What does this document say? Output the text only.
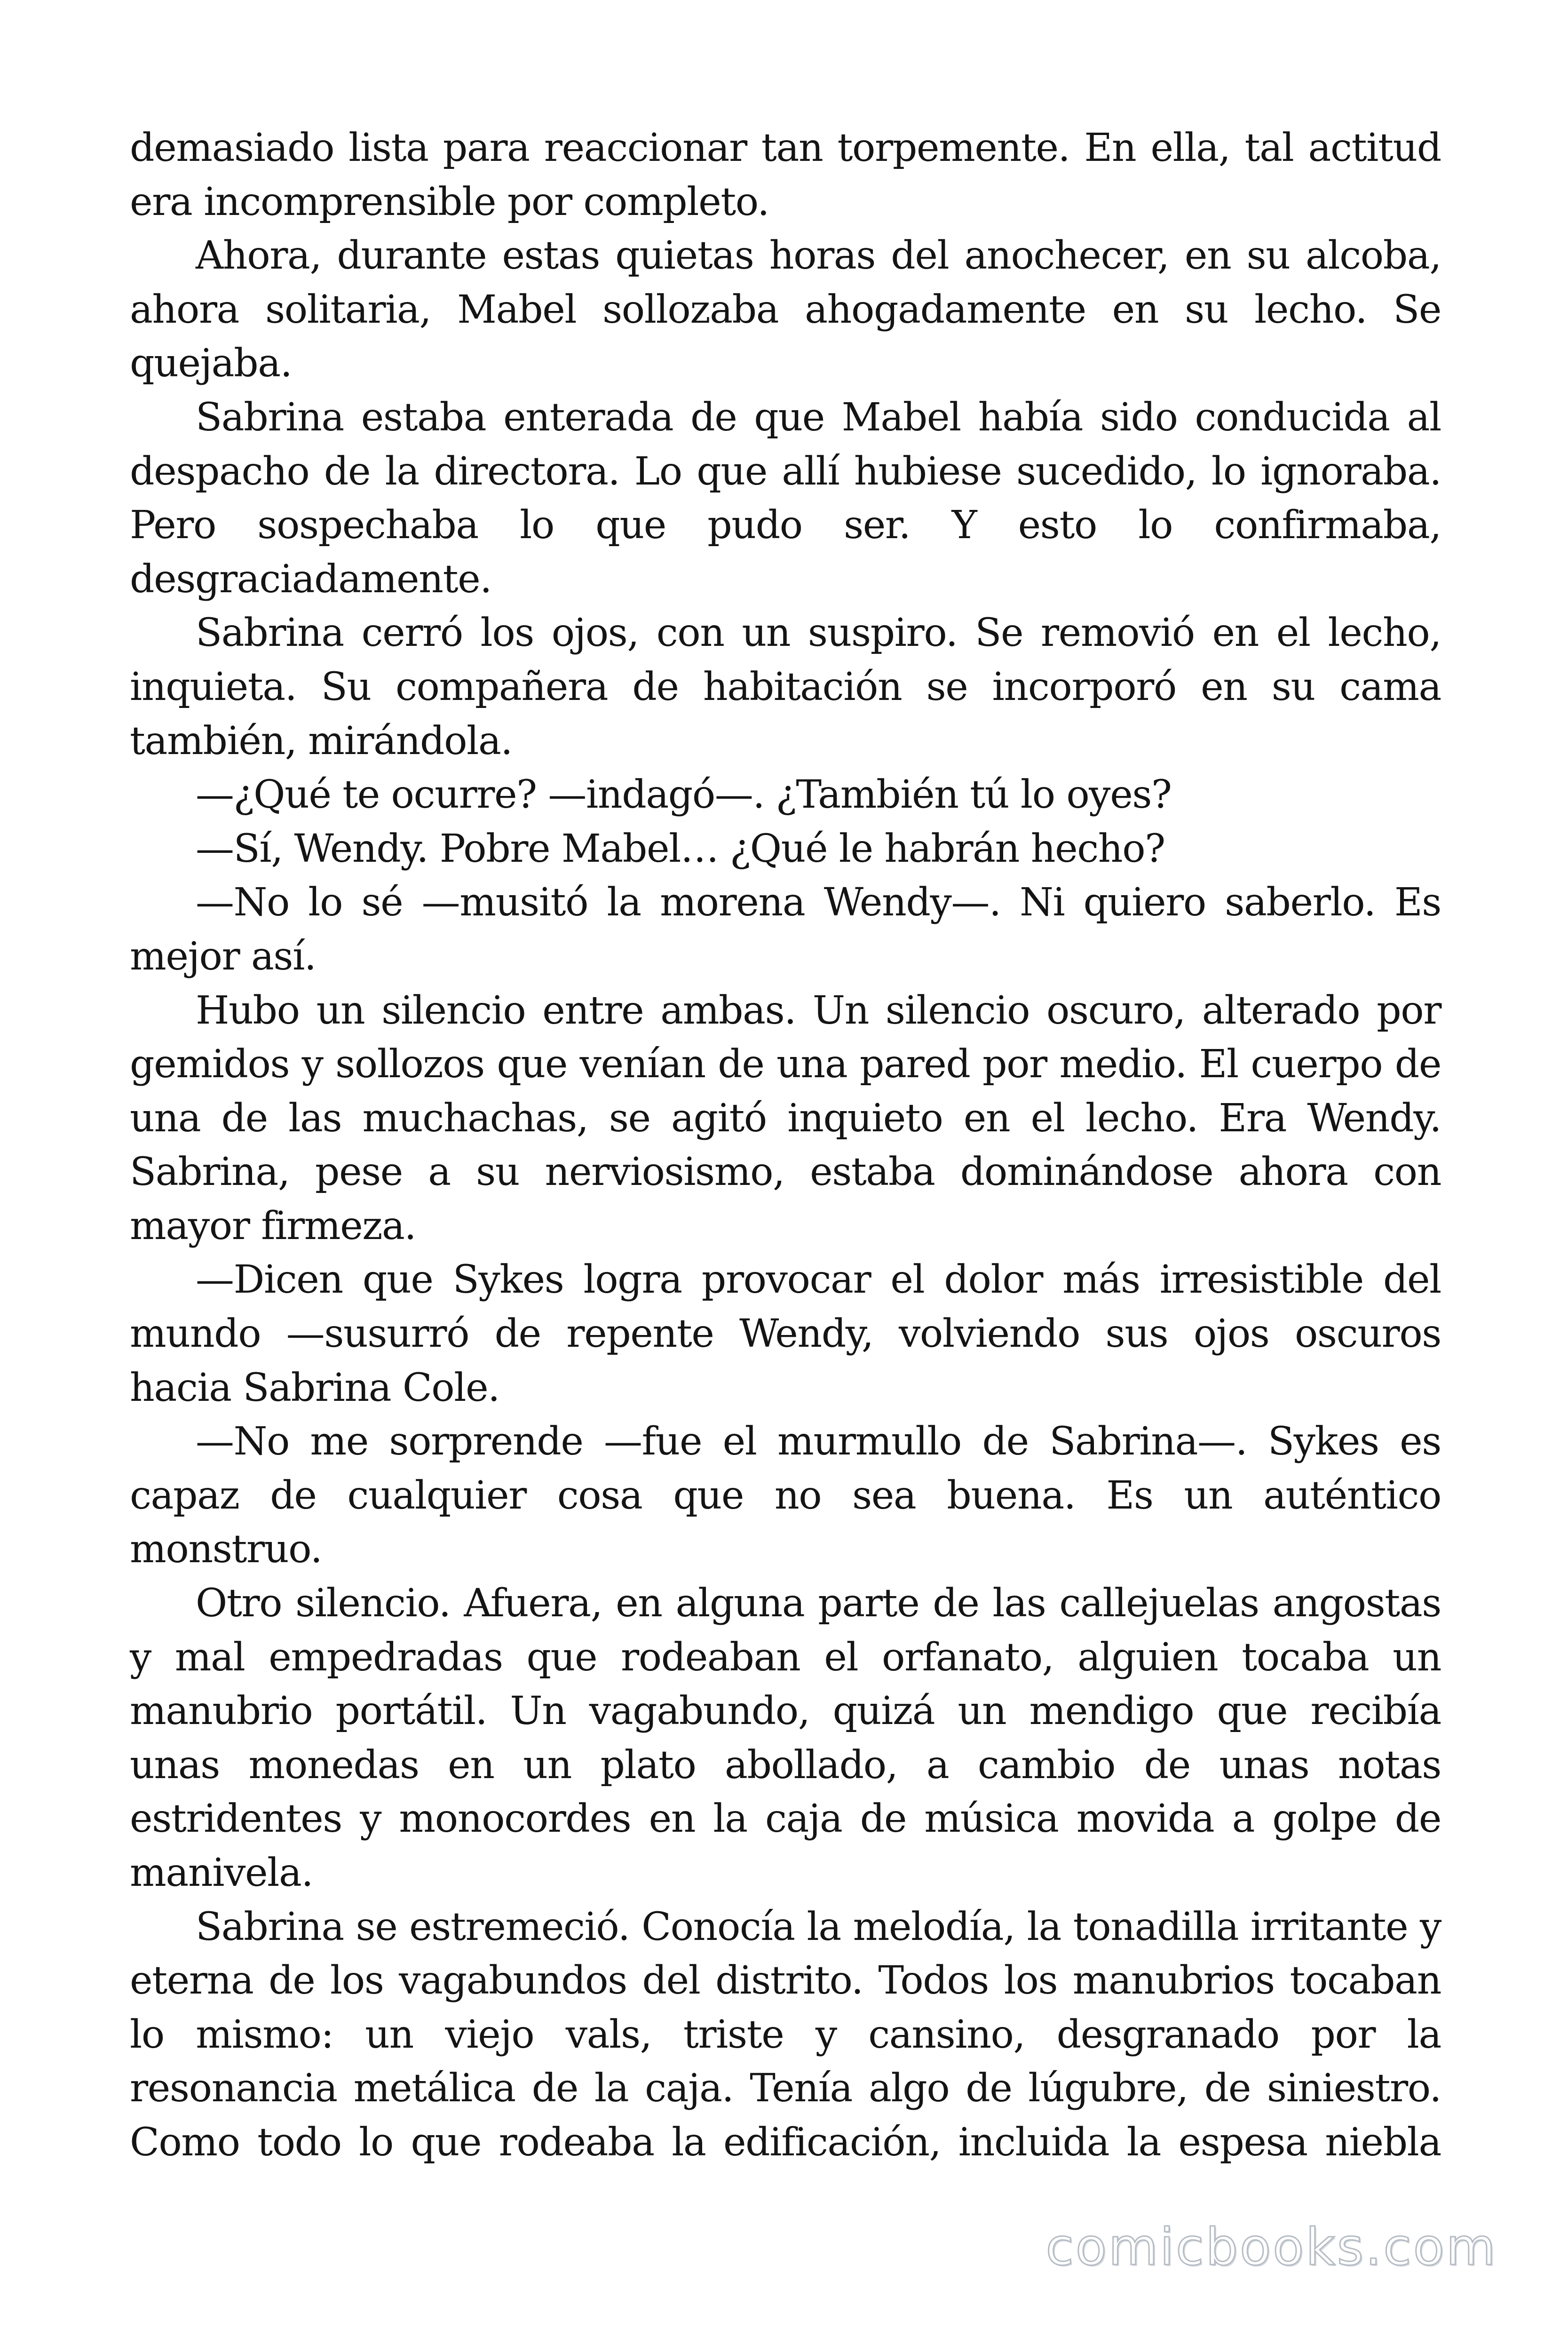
demasiado lista para reaccionar tan torpemente. En ella, tal actitud era incomprensible por completo.

Ahora, durante estas quietas horas del anochecer, en su alcoba, ahora solitaria, Mabel sollozaba ahogadamente en su lecho. Se quejaba.

Sabrina estaba enterada de que Mabel había sido conducida al despacho de la directora. Lo que allí hubiese sucedido, lo ignoraba. Pero sospechaba lo que pudo ser. Y esto lo confirmaba, desgraciadamente.

Sabrina cerró los ojos, con un suspiro. Se removió en el lecho, inquieta. Su compañera de habitación se incorporó en su cama también, mirándola.

—¿Qué te ocurre? —indagó—. ¿También tú lo oyes?

—Sí, Wendy. Pobre Mabel… ¿Qué le habrán hecho?

—No lo sé —musitó la morena Wendy—. Ni quiero saberlo. Es mejor así.

Hubo un silencio entre ambas. Un silencio oscuro, alterado por gemidos y sollozos que venían de una pared por medio. El cuerpo de una de las muchachas, se agitó inquieto en el lecho. Era Wendy. Sabrina, pese a su nerviosismo, estaba dominándose ahora con mayor firmeza.

—Dicen que Sykes logra provocar el dolor más irresistible del mundo —susurró de repente Wendy, volviendo sus ojos oscuros hacia Sabrina Cole.

—No me sorprende —fue el murmullo de Sabrina—. Sykes es capaz de cualquier cosa que no sea buena. Es un auténtico monstruo.

Otro silencio. Afuera, en alguna parte de las callejuelas angostas y mal empedradas que rodeaban el orfanato, alguien tocaba un manubrio portátil. Un vagabundo, quizá un mendigo que recibía unas monedas en un plato abollado, a cambio de unas notas estridentes y monocordes en la caja de música movida a golpe de manivela.

Sabrina se estremeció. Conocía la melodía, la tonadilla irritante y eterna de los vagabundos del distrito. Todos los manubrios tocaban lo mismo: un viejo vals, triste y cansino, desgranado por la resonancia metálica de la caja. Tenía algo de lúgubre, de siniestro. Como todo lo que rodeaba la edificación, incluida la espesa niebla

comicbooks.com
